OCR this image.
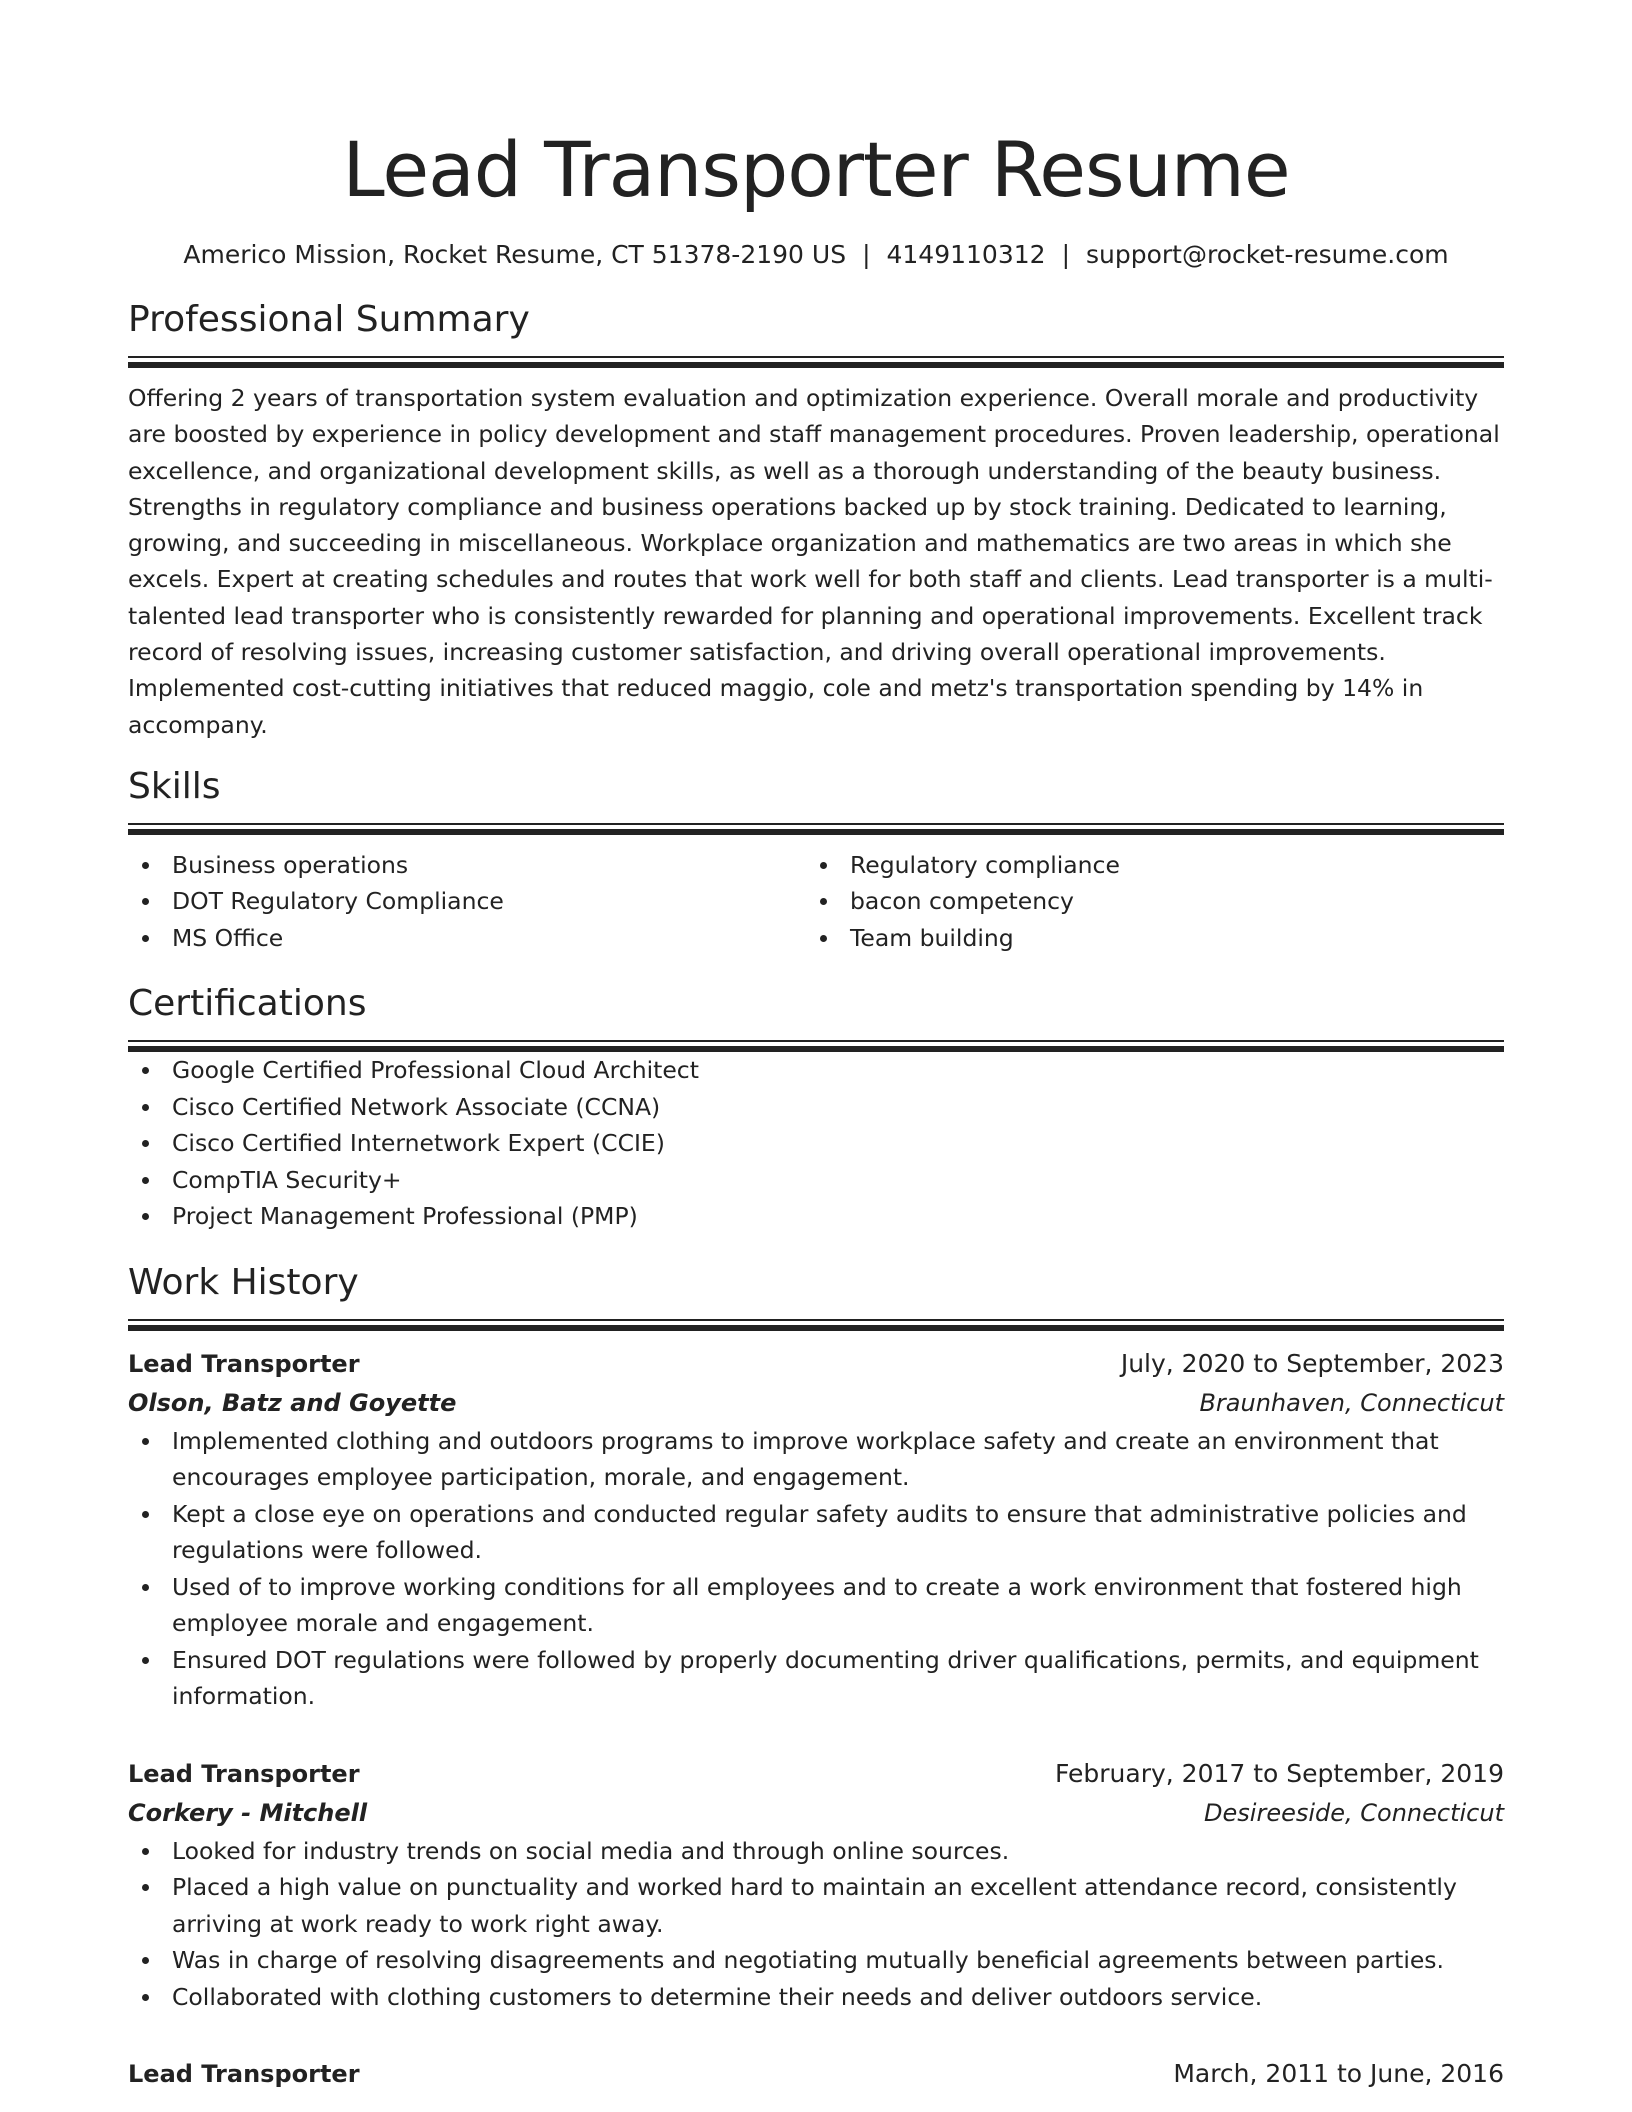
Lead Transporter Resume
Americo Mission, Rocket Resume, CT 51378-2190 US | 4149110312 | support@rocket-resume.com
Professional Summary

Offering 2 years of transportation system evaluation and optimization experience. Overall morale and productivity are boosted by experience in policy development and staff management procedures. Proven leadership, operational excellence, and organizational development skills, as well as a thorough understanding of the beauty business. Strengths in regulatory compliance and business operations backed up by stock training. Dedicated to learning, growing, and succeeding in miscellaneous. Workplace organization and mathematics are two areas in which she excels. Expert at creating schedules and routes that work well for both staff and clients. Lead transporter is a multi-talented lead transporter who is consistently rewarded for planning and operational improvements. Excellent track record of resolving issues, increasing customer satisfaction, and driving overall operational improvements. Implemented cost-cutting initiatives that reduced maggio, cole and metz's transportation spending by 14% in accompany.

Skills
Business operations
DOT Regulatory Compliance
MS Office
Regulatory compliance
bacon competency
Team building
Certifications
Google Certified Professional Cloud Architect
Cisco Certified Network Associate (CCNA)
Cisco Certified Internetwork Expert (CCIE)
CompTIA Security+
Project Management Professional (PMP)
Work History
Lead Transporter	July, 2020 to September, 2023
Olson, Batz and Goyette	Braunhaven, Connecticut
Implemented clothing and outdoors programs to improve workplace safety and create an environment that encourages employee participation, morale, and engagement.
Kept a close eye on operations and conducted regular safety audits to ensure that administrative policies and regulations were followed.
Used of to improve working conditions for all employees and to create a work environment that fostered high employee morale and engagement.
Ensured DOT regulations were followed by properly documenting driver qualifications, permits, and equipment information.
Lead Transporter	February, 2017 to September, 2019
Corkery - Mitchell	Desireeside, Connecticut
Looked for industry trends on social media and through online sources.
Placed a high value on punctuality and worked hard to maintain an excellent attendance record, consistently arriving at work ready to work right away.
Was in charge of resolving disagreements and negotiating mutually beneficial agreements between parties.
Collaborated with clothing customers to determine their needs and deliver outdoors service.
Lead Transporter	March, 2011 to June, 2016
